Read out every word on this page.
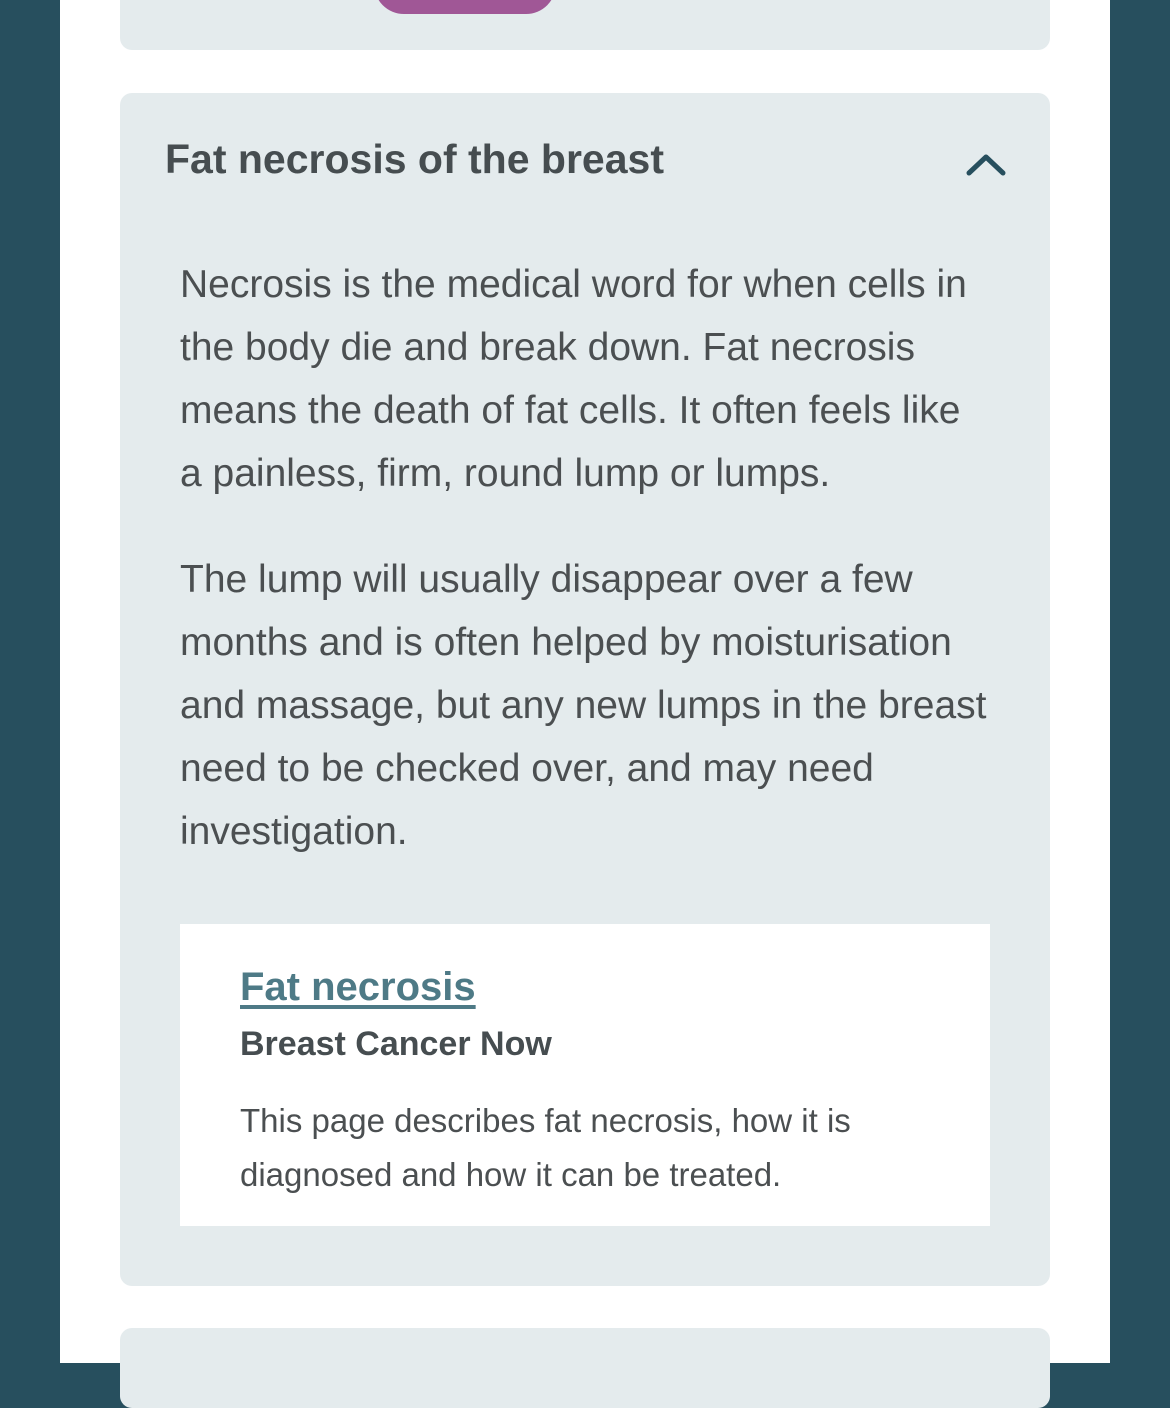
Fat necrosis of the breast

Necrosis is the medical word for when cells in the body die and break down. Fat necrosis means the death of fat cells. It often feels like a painless, firm, round lump or lumps.

The lump will usually disappear over a few months and is often helped by moisturisation and massage, but any new lumps in the breast need to be checked over, and may need investigation.

Fat necrosis
Breast Cancer Now
This page describes fat necrosis, how it is diagnosed and how it can be treated.
